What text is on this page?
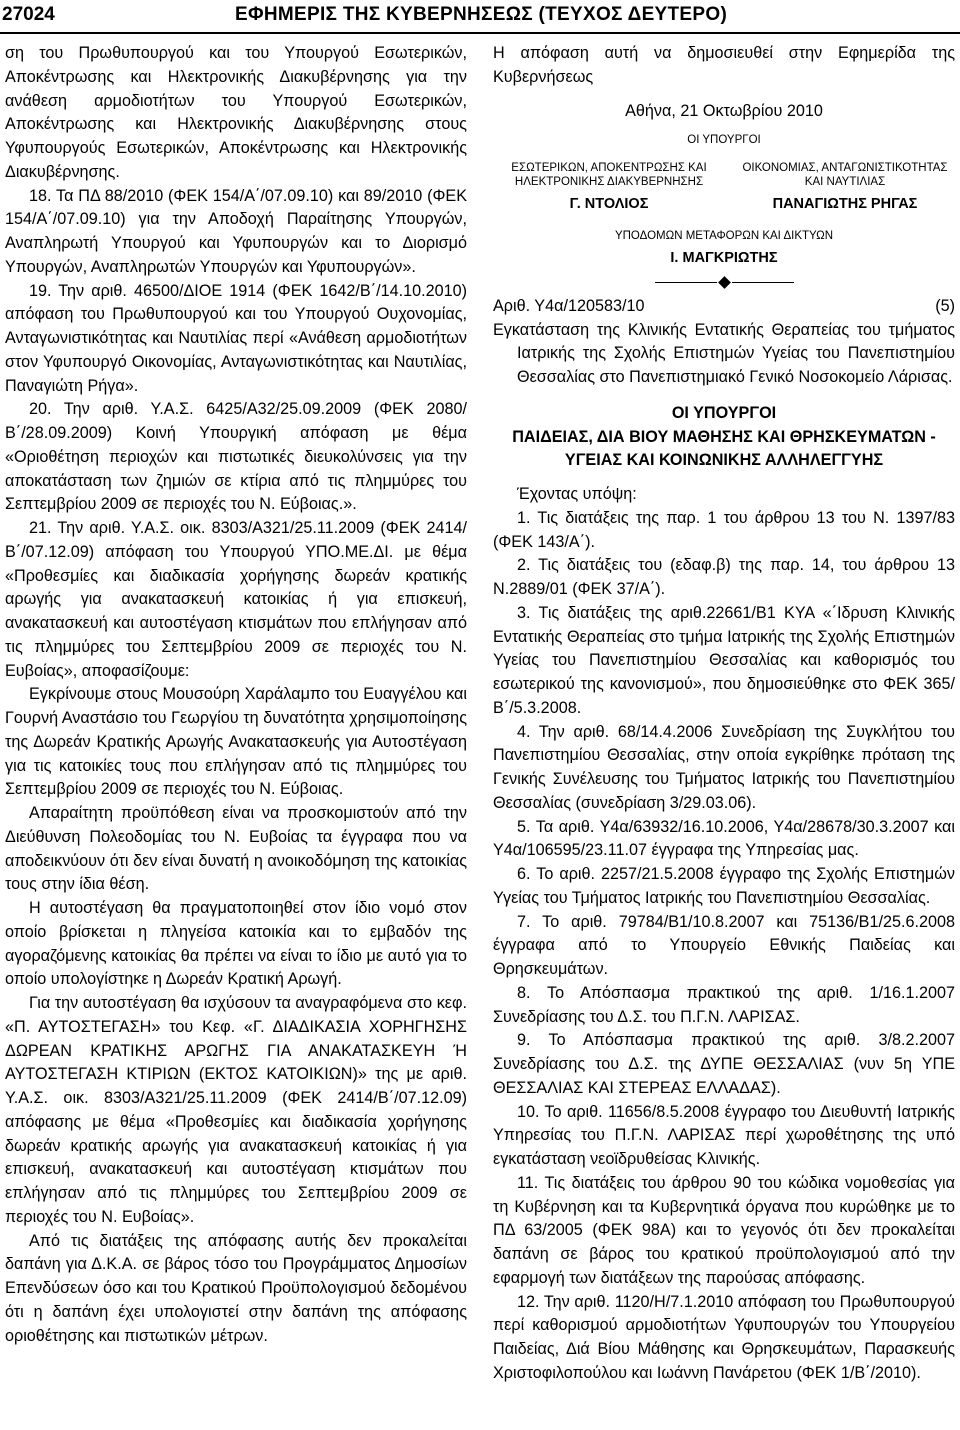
27024	ΕΦΗΜΕΡΙΣ ΤΗΣ ΚΥΒΕΡΝΗΣΕΩΣ (ΤΕΥΧΟΣ ΔΕΥΤΕΡΟ)
ση του Πρωθυπουργού και του Υπουργού Εσωτερικών, Αποκέντρωσης και Ηλεκτρονικής Διακυβέρνησης για την ανάθεση αρμοδιοτήτων του Υπουργού Εσωτερικών, Αποκέντρωσης και Ηλεκτρονικής Διακυβέρνησης στους Υφυπουργούς Εσωτερικών, Αποκέντρωσης και Ηλεκτρονικής Διακυβέρνησης.
18. Τα ΠΔ 88/2010 (ΦΕΚ 154/Α΄/07.09.10) και 89/2010 (ΦΕΚ 154/Α΄/07.09.10) για την Αποδοχή Παραίτησης Υπουργών, Αναπληρωτή Υπουργού και Υφυπουργών και το Διορισμό Υπουργών, Αναπληρωτών Υπουργών και Υφυπουργών».
19. Την αριθ. 46500/ΔΙΟΕ 1914 (ΦΕΚ 1642/Β΄/14.10.2010) απόφαση του Πρωθυπουργού και του Υπουργού Ουχονομίας, Ανταγωνιστικότητας και Ναυτιλίας περί «Ανάθεση αρμοδιοτήτων στον Υφυπουργό Οικονομίας, Ανταγωνιστικότητας και Ναυτιλίας, Παναγιώτη Ρήγα».
20. Την αριθ. Υ.Α.Σ. 6425/Α32/25.09.2009 (ΦΕΚ 2080/Β΄/28.09.2009) Κοινή Υπουργική απόφαση με θέμα «Οριοθέτηση περιοχών και πιστωτικές διευκολύνσεις για την αποκατάσταση των ζημιών σε κτίρια από τις πλημμύρες του Σεπτεμβρίου 2009 σε περιοχές του Ν. Εύβοιας.».
21. Την αριθ. Υ.Α.Σ. οικ. 8303/Α321/25.11.2009 (ΦΕΚ 2414/Β΄/07.12.09) απόφαση του Υπουργού ΥΠΟ.ΜΕ.ΔΙ. με θέμα «Προθεσμίες και διαδικασία χορήγησης δωρεάν κρατικής αρωγής για ανακατασκευή κατοικίας ή για επισκευή, ανακατασκευή και αυτοστέγαση κτισμάτων που επλήγησαν από τις πλημμύρες του Σεπτεμβρίου 2009 σε περιοχές του Ν. Ευβοίας», αποφασίζουμε:
Εγκρίνουμε στους Μουσούρη Χαράλαμπο του Ευαγγέλου και Γουρνή Αναστάσιο του Γεωργίου τη δυνατότητα χρησιμοποίησης της Δωρεάν Κρατικής Αρωγής Ανακατασκευής για Αυτοστέγαση για τις κατοικίες τους που επλήγησαν από τις πλημμύρες του Σεπτεμβρίου 2009 σε περιοχές του Ν. Εύβοιας.
Απαραίτητη προϋπόθεση είναι να προσκομιστούν από την Διεύθυνση Πολεοδομίας του Ν. Ευβοίας τα έγγραφα που να αποδεικνύουν ότι δεν είναι δυνατή η ανοικοδόμηση της κατοικίας τους στην ίδια θέση.
Η αυτοστέγαση θα πραγματοποιηθεί στον ίδιο νομό στον οποίο βρίσκεται η πληγείσα κατοικία και το εμβαδόν της αγοραζόμενης κατοικίας θα πρέπει να είναι το ίδιο με αυτό για το οποίο υπολογίστηκε η Δωρεάν Κρατική Αρωγή.
Για την αυτοστέγαση θα ισχύσουν τα αναγραφόμενα στο κεφ. «Π. ΑΥΤΟΣΤΕΓΑΣΗ» του Κεφ. «Γ. ΔΙΑΔΙΚΑΣΙΑ ΧΟΡΗΓΗΣΗΣ ΔΩΡΕΑΝ ΚΡΑΤΙΚΗΣ ΑΡΩΓΗΣ ΓΙΑ ΑΝΑΚΑΤΑΣΚΕΥΗ Ή ΑΥΤΟΣΤΕΓΑΣΗ ΚΤΙΡΙΩΝ (ΕΚΤΟΣ ΚΑΤΟΙΚΙΩΝ)» της με αριθ. Υ.Α.Σ. οικ. 8303/Α321/25.11.2009 (ΦΕΚ 2414/Β΄/07.12.09) απόφασης με θέμα «Προθεσμίες και διαδικασία χορήγησης δωρεάν κρατικής αρωγής για ανακατασκευή κατοικίας ή για επισκευή, ανακατασκευή και αυτοστέγαση κτισμάτων που επλήγησαν από τις πλημμύρες του Σεπτεμβρίου 2009 σε περιοχές του Ν. Ευβοίας».
Από τις διατάξεις της απόφασης αυτής δεν προκαλείται δαπάνη για Δ.Κ.Α. σε βάρος τόσο του Προγράμματος Δημοσίων Επενδύσεων όσο και του Κρατικού Προϋπολογισμού δεδομένου ότι η δαπάνη έχει υπολογιστεί στην δαπάνη της απόφασης οριοθέτησης και πιστωτικών μέτρων.
Η απόφαση αυτή να δημοσιευθεί στην Εφημερίδα της Κυβερνήσεως
Αθήνα, 21 Οκτωβρίου 2010
ΟΙ ΥΠΟΥΡΓΟΙ
ΕΣΩΤΕΡΙΚΩΝ, ΑΠΟΚΕΝΤΡΩΣΗΣ ΚΑΙ ΗΛΕΚΤΡΟΝΙΚΗΣ ΔΙΑΚΥΒΕΡΝΗΣΗΣ
Γ. ΝΤΟΛΙΟΣ
ΟΙΚΟΝΟΜΙΑΣ, ΑΝΤΑΓΩΝΙΣΤΙΚΟΤΗΤΑΣ ΚΑΙ ΝΑΥΤΙΛΙΑΣ
ΠΑΝΑΓΙΩΤΗΣ ΡΗΓΑΣ
ΥΠΟΔΟΜΩΝ ΜΕΤΑΦΟΡΩΝ ΚΑΙ ΔΙΚΤΥΩΝ
Ι. ΜΑΓΚΡΙΩΤΗΣ
Αριθ. Υ4α/120583/10	(5)
Εγκατάσταση της Κλινικής Εντατικής Θεραπείας του τμήματος Ιατρικής της Σχολής Επιστημών Υγείας του Πανεπιστημίου Θεσσαλίας στο Πανεπιστημιακό Γενικό Νοσοκομείο Λάρισας.
ΟΙ ΥΠΟΥΡΓΟΙ
ΠΑΙΔΕΙΑΣ, ΔΙΑ ΒΙΟΥ ΜΑΘΗΣΗΣ ΚΑΙ ΘΡΗΣΚΕΥΜΑΤΩΝ - ΥΓΕΙΑΣ ΚΑΙ ΚΟΙΝΩΝΙΚΗΣ ΑΛΛΗΛΕΓΓΥΗΣ
Έχοντας υπόψη:
1. Τις διατάξεις της παρ. 1 του άρθρου 13 του Ν. 1397/83 (ΦΕΚ 143/Α΄).
2. Τις διατάξεις του (εδαφ.β) της παρ. 14, του άρθρου 13 Ν.2889/01 (ΦΕΚ 37/Α΄).
3. Τις διατάξεις της αριθ.22661/Β1 ΚΥΑ «΄Ιδρυση Κλινικής Εντατικής Θεραπείας στο τμήμα Ιατρικής της Σχολής Επιστημών Υγείας του Πανεπιστημίου Θεσσαλίας και καθορισμός του εσωτερικού της κανονισμού», που δημοσιεύθηκε στο ΦΕΚ 365/Β΄/5.3.2008.
4. Την αριθ. 68/14.4.2006 Συνεδρίαση της Συγκλήτου του Πανεπιστημίου Θεσσαλίας, στην οποία εγκρίθηκε πρόταση της Γενικής Συνέλευσης του Τμήματος Ιατρικής του Πανεπιστημίου Θεσσαλίας (συνεδρίαση 3/29.03.06).
5. Τα αριθ. Υ4α/63932/16.10.2006, Υ4α/28678/30.3.2007 και Υ4α/106595/23.11.07 έγγραφα της Υπηρεσίας μας.
6. Το αριθ. 2257/21.5.2008 έγγραφο της Σχολής Επιστημών Υγείας του Τμήματος Ιατρικής του Πανεπιστημίου Θεσσαλίας.
7. Το αριθ. 79784/Β1/10.8.2007 και 75136/Β1/25.6.2008 έγγραφα από το Υπουργείο Εθνικής Παιδείας και Θρησκευμάτων.
8. Το Απόσπασμα πρακτικού της αριθ. 1/16.1.2007 Συνεδρίασης του Δ.Σ. του Π.Γ.Ν. ΛΑΡΙΣΑΣ.
9. Το Απόσπασμα πρακτικού της αριθ. 3/8.2.2007 Συνεδρίασης του Δ.Σ. της ΔΥΠΕ ΘΕΣΣΑΛΙΑΣ (νυν 5η ΥΠΕ ΘΕΣΣΑΛΙΑΣ ΚΑΙ ΣΤΕΡΕΑΣ ΕΛΛΑΔΑΣ).
10. Το αριθ. 11656/8.5.2008 έγγραφο του Διευθυντή Ιατρικής Υπηρεσίας του Π.Γ.Ν. ΛΑΡΙΣΑΣ περί χωροθέτησης της υπό εγκατάσταση νεοϊδρυθείσας Κλινικής.
11. Τις διατάξεις του άρθρου 90 του κώδικα νομοθεσίας για τη Κυβέρνηση και τα Κυβερνητικά όργανα που κυρώθηκε με το ΠΔ 63/2005 (ΦΕΚ 98Α) και το γεγονός ότι δεν προκαλείται δαπάνη σε βάρος του κρατικού προϋπολογισμού από την εφαρμογή των διατάξεων της παρούσας απόφασης.
12. Την αριθ. 1120/Η/7.1.2010 απόφαση του Πρωθυπουργού περί καθορισμού αρμοδιοτήτων Υφυπουργών του Υπουργείου Παιδείας, Διά Βίου Μάθησης και Θρησκευμάτων, Παρασκευής Χριστοφιλοπούλου και Ιωάννη Πανάρετου (ΦΕΚ 1/Β΄/2010).
